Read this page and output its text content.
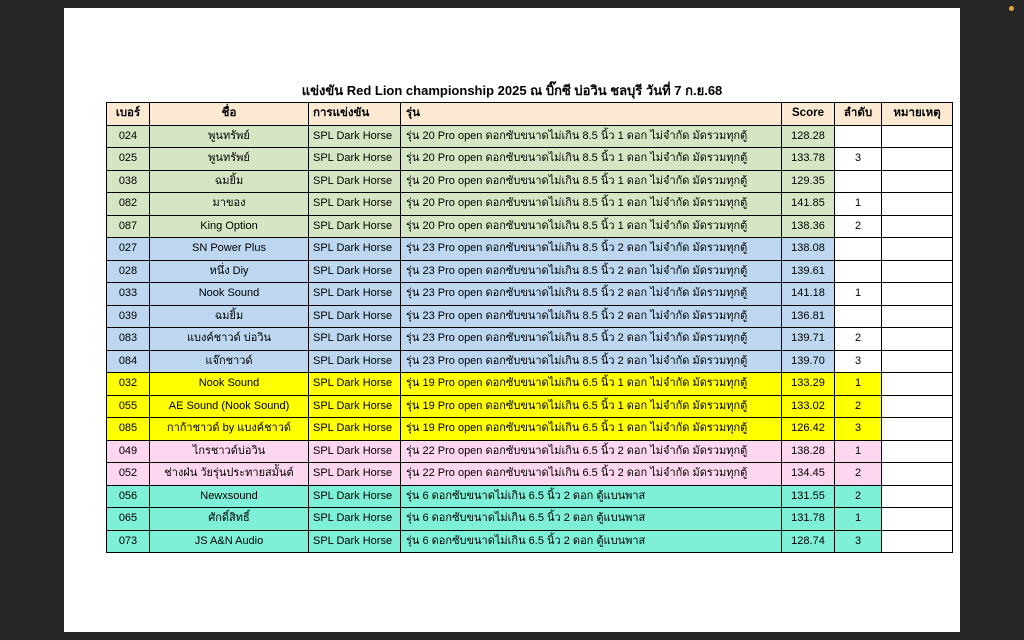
แข่งขัน Red Lion championship 2025 ณ บิ๊กซี บ่อวิน ชลบุรี วันที่ 7 ก.ย.68
เบอร์	ชื่อ	การแข่งขัน	รุ่น	Score	ลำดับ	หมายเหตุ
024	พูนทรัพย์	SPL Dark Horse	รุ่น 20 Pro open ดอกซับขนาดไม่เกิน 8.5 นิ้ว 1 ดอก ไม่จำกัด มัดรวมทุกตู้	128.28		
025	พูนทรัพย์	SPL Dark Horse	รุ่น 20 Pro open ดอกซับขนาดไม่เกิน 8.5 นิ้ว 1 ดอก ไม่จำกัด มัดรวมทุกตู้	133.78	3	
038	ฉมยิ้ม	SPL Dark Horse	รุ่น 20 Pro open ดอกซับขนาดไม่เกิน 8.5 นิ้ว 1 ดอก ไม่จำกัด มัดรวมทุกตู้	129.35		
082	มาของ	SPL Dark Horse	รุ่น 20 Pro open ดอกซับขนาดไม่เกิน 8.5 นิ้ว 1 ดอก ไม่จำกัด มัดรวมทุกตู้	141.85	1	
087	King Option	SPL Dark Horse	รุ่น 20 Pro open ดอกซับขนาดไม่เกิน 8.5 นิ้ว 1 ดอก ไม่จำกัด มัดรวมทุกตู้	138.36	2	
027	SN Power Plus	SPL Dark Horse	รุ่น 23 Pro open ดอกซับขนาดไม่เกิน 8.5 นิ้ว 2 ดอก ไม่จำกัด มัดรวมทุกตู้	138.08		
028	หนึ่ง Diy	SPL Dark Horse	รุ่น 23 Pro open ดอกซับขนาดไม่เกิน 8.5 นิ้ว 2 ดอก ไม่จำกัด มัดรวมทุกตู้	139.61		
033	Nook Sound	SPL Dark Horse	รุ่น 23 Pro open ดอกซับขนาดไม่เกิน 8.5 นิ้ว 2 ดอก ไม่จำกัด มัดรวมทุกตู้	141.18	1	
039	ฉมยิ้ม	SPL Dark Horse	รุ่น 23 Pro open ดอกซับขนาดไม่เกิน 8.5 นิ้ว 2 ดอก ไม่จำกัด มัดรวมทุกตู้	136.81		
083	แบงค์ชาวด์ บ่อวิน	SPL Dark Horse	รุ่น 23 Pro open ดอกซับขนาดไม่เกิน 8.5 นิ้ว 2 ดอก ไม่จำกัด มัดรวมทุกตู้	139.71	2	
084	แจ๊กชาวด์	SPL Dark Horse	รุ่น 23 Pro open ดอกซับขนาดไม่เกิน 8.5 นิ้ว 2 ดอก ไม่จำกัด มัดรวมทุกตู้	139.70	3	
032	Nook Sound	SPL Dark Horse	รุ่น 19 Pro open ดอกซับขนาดไม่เกิน 6.5 นิ้ว 1 ดอก ไม่จำกัด มัดรวมทุกตู้	133.29	1	
055	AE Sound (Nook Sound)	SPL Dark Horse	รุ่น 19 Pro open ดอกซับขนาดไม่เกิน 6.5 นิ้ว 1 ดอก ไม่จำกัด มัดรวมทุกตู้	133.02	2	
085	กาก้าชาวด์ by แบงค์ชาวด์	SPL Dark Horse	รุ่น 19 Pro open ดอกซับขนาดไม่เกิน 6.5 นิ้ว 1 ดอก ไม่จำกัด มัดรวมทุกตู้	126.42	3	
049	ไกรชาวด์บ่อวิน	SPL Dark Horse	รุ่น 22 Pro open ดอกซับขนาดไม่เกิน 6.5 นิ้ว 2 ดอก ไม่จำกัด มัดรวมทุกตู้	138.28	1	
052	ช่างฝ่น วัยรุ่นประทายสมัันต์	SPL Dark Horse	รุ่น 22 Pro open ดอกซับขนาดไม่เกิน 6.5 นิ้ว 2 ดอก ไม่จำกัด มัดรวมทุกตู้	134.45	2	
056	Newxsound	SPL Dark Horse	รุ่น 6 ดอกซับขนาดไม่เกิน 6.5 นิ้ว 2 ดอก ตู้แบนพาส	131.55	2	
065	ศักดิ์สิทธิ์	SPL Dark Horse	รุ่น 6 ดอกซับขนาดไม่เกิน 6.5 นิ้ว 2 ดอก ตู้แบนพาส	131.78	1	
073	JS A&N Audio	SPL Dark Horse	รุ่น 6 ดอกซับขนาดไม่เกิน 6.5 นิ้ว 2 ดอก ตู้แบนพาส	128.74	3	
